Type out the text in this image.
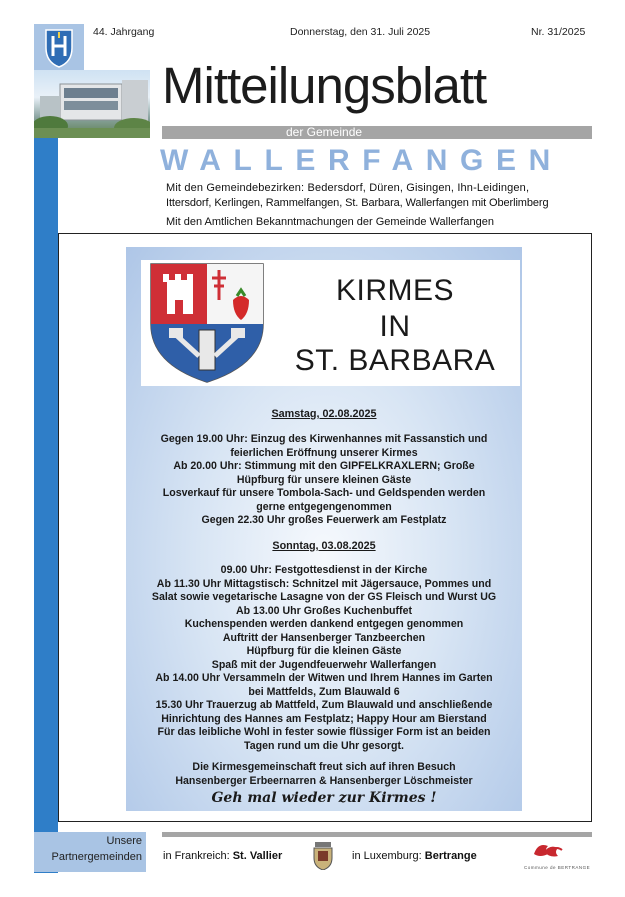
44. Jahrgang	Donnerstag, den 31. Juli 2025	Nr. 31/2025
Mitteilungsblatt
der Gemeinde
WALLERFANGEN
Mit den Gemeindebezirken: Bedersdorf, Düren, Gisingen, Ihn-Leidingen,
Ittersdorf, Kerlingen, Rammelfangen, St. Barbara, Wallerfangen mit Oberlimberg
Mit den Amtlichen Bekanntmachungen der Gemeinde Wallerfangen
KIRMES
IN
ST. BARBARA
Samstag, 02.08.2025
Gegen 19.00 Uhr: Einzug des Kirwenhannes mit Fassanstich und
feierlichen Eröffnung unserer Kirmes
Ab 20.00 Uhr: Stimmung mit den GIPFELKRAXLERN; Große
Hüpfburg für unsere kleinen Gäste
Losverkauf für unsere Tombola-Sach- und Geldspenden werden
gerne entgegengenommen
Gegen 22.30 Uhr großes Feuerwerk am Festplatz
Sonntag, 03.08.2025
09.00 Uhr: Festgottesdienst in der Kirche
Ab 11.30 Uhr Mittagstisch: Schnitzel mit Jägersauce, Pommes und
Salat sowie vegetarische Lasagne von der GS Fleisch und Wurst UG
Ab 13.00 Uhr Großes Kuchenbuffet
Kuchenspenden werden dankend entgegen genommen
Auftritt der Hansenberger Tanzbeerchen
Hüpfburg für die kleinen Gäste
Spaß mit der Jugendfeuerwehr Wallerfangen
Ab 14.00 Uhr Versammeln der Witwen und Ihrem Hannes im Garten
bei Mattfelds, Zum Blauwald 6
15.30 Uhr Trauerzug ab Mattfeld, Zum Blauwald und anschließende
Hinrichtung des Hannes am Festplatz; Happy Hour am Bierstand
Für das leibliche Wohl in fester sowie flüssiger Form ist an beiden
Tagen rund um die Uhr gesorgt.
Die Kirmesgemeinschaft freut sich auf ihren Besuch
Hansenberger Erbeernarren & Hansenberger Löschmeister
Geh mal wieder zur Kirmes !
Unsere
Partnergemeinden in Frankreich: St. Vallier	in Luxemburg: Bertrange
Commune de BERTRANGE
